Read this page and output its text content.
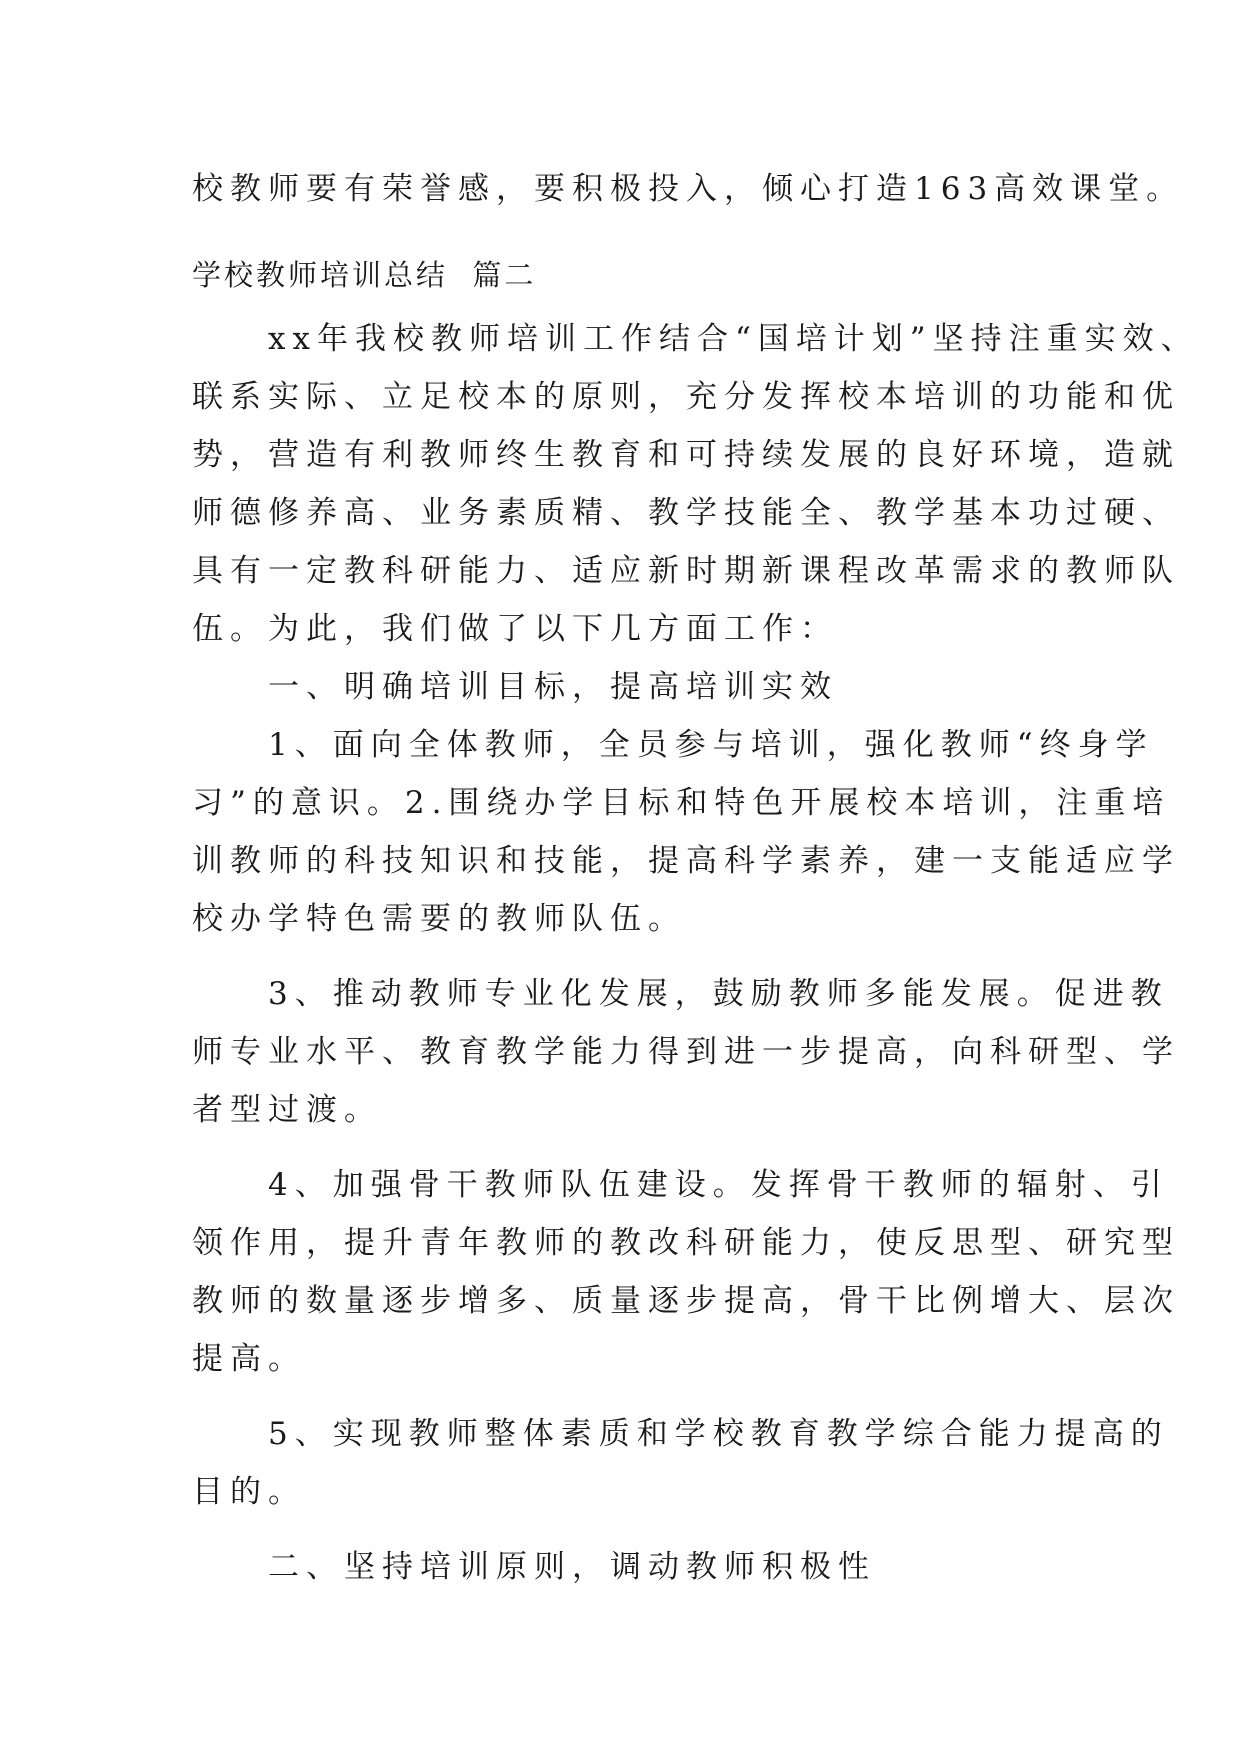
校教师要有荣誉感，要积极投入，倾心打造163高效课堂。
学校教师培训总结  篇二
　　xx年我校教师培训工作结合“国培计划”坚持注重实效、
联系实际、立足校本的原则，充分发挥校本培训的功能和优
势，营造有利教师终生教育和可持续发展的良好环境，造就
师德修养高、业务素质精、教学技能全、教学基本功过硬、
具有一定教科研能力、适应新时期新课程改革需求的教师队
伍。为此，我们做了以下几方面工作：
　　一、明确培训目标，提高培训实效
　　1、面向全体教师，全员参与培训，强化教师“终身学
习”的意识。2.围绕办学目标和特色开展校本培训，注重培
训教师的科技知识和技能，提高科学素养，建一支能适应学
校办学特色需要的教师队伍。
　　3、推动教师专业化发展，鼓励教师多能发展。促进教
师专业水平、教育教学能力得到进一步提高，向科研型、学
者型过渡。
　　4、加强骨干教师队伍建设。发挥骨干教师的辐射、引
领作用，提升青年教师的教改科研能力，使反思型、研究型
教师的数量逐步增多、质量逐步提高，骨干比例增大、层次
提高。
　　5、实现教师整体素质和学校教育教学综合能力提高的
目的。
　　二、坚持培训原则，调动教师积极性
